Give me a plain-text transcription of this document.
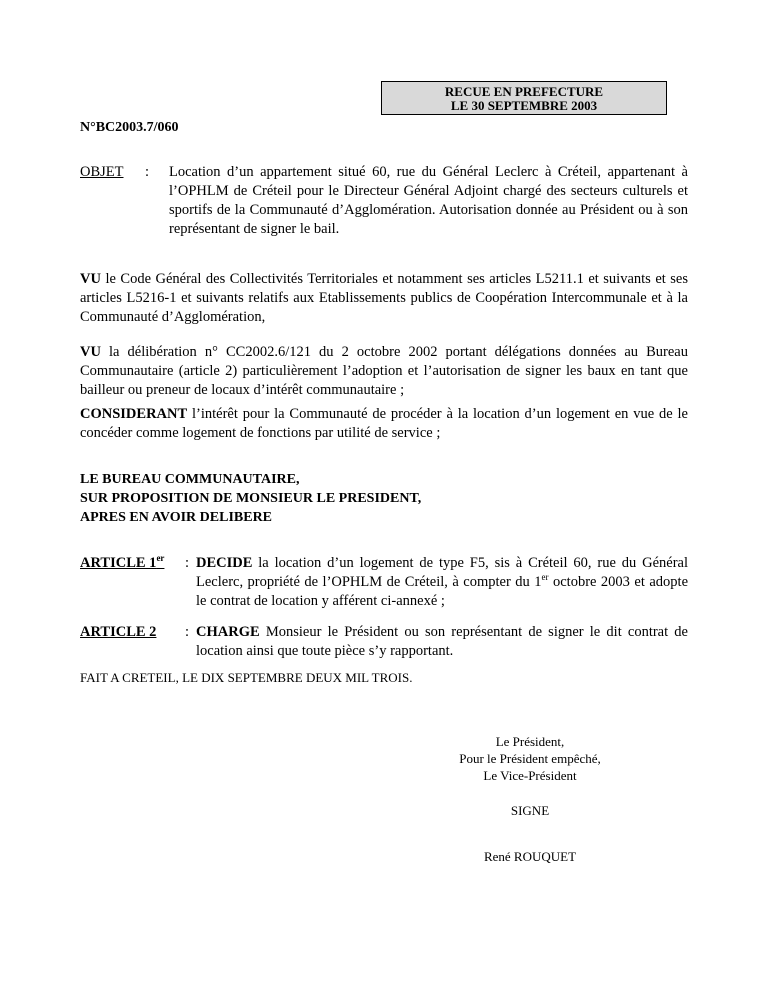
RECUE EN PREFECTURE
LE 30 SEPTEMBRE 2003
N°BC2003.7/060
OBJET : Location d’un appartement situé 60, rue du Général Leclerc à Créteil, appartenant à l’OPHLM de Créteil pour le Directeur Général Adjoint chargé des secteurs culturels et sportifs de la Communauté d’Agglomération. Autorisation donnée au Président ou à son représentant de signer le bail.
VU le Code Général des Collectivités Territoriales et notamment ses articles L5211.1 et suivants et ses articles L5216-1 et suivants relatifs aux Etablissements publics de Coopération Intercommunale et à la Communauté d’Agglomération,
VU la délibération n° CC2002.6/121 du 2 octobre 2002 portant délégations données au Bureau Communautaire (article 2) particulièrement l’adoption et l’autorisation de signer les baux en tant que bailleur ou preneur de locaux d’intérêt communautaire ;
CONSIDERANT l’intérêt pour la Communauté de procéder à la location d’un logement en vue de le concéder comme logement de fonctions par utilité de service ;
LE BUREAU COMMUNAUTAIRE,
SUR PROPOSITION DE MONSIEUR LE PRESIDENT,
APRES EN AVOIR DELIBERE
ARTICLE 1er : DECIDE la location d’un logement de type F5, sis à Créteil 60, rue du Général Leclerc, propriété de l’OPHLM de Créteil, à compter du 1er octobre 2003 et adopte le contrat de location y afférent ci-annexé ;
ARTICLE 2 : CHARGE Monsieur le Président ou son représentant de signer le dit contrat de location ainsi que toute pièce s’y rapportant.
FAIT A CRETEIL, LE DIX SEPTEMBRE DEUX MIL TROIS.
Le Président,
Pour le Président empêché,
Le Vice-Président
SIGNE
René ROUQUET
